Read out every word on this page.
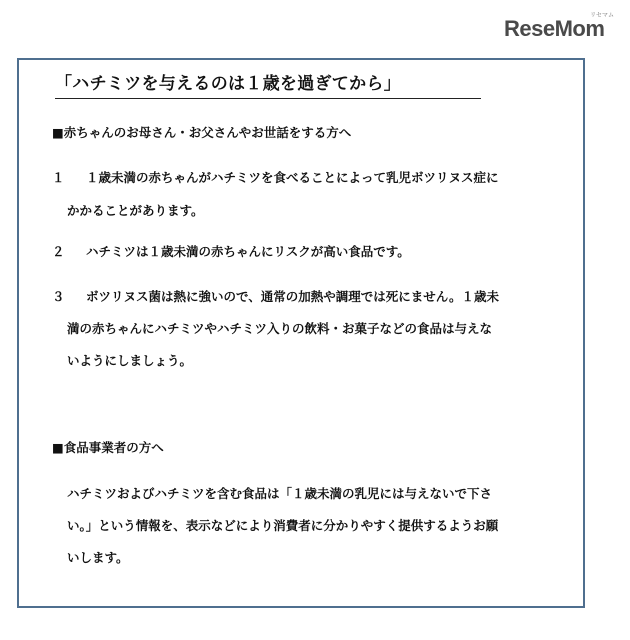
ReseMom
リセマム
「ハチミツを与えるのは１歳を過ぎてから」
■赤ちゃんのお母さん・お父さんやお世話をする方へ
１ １歳未満の赤ちゃんがハチミツを食べることによって乳児ボツリヌス症に
かかることがあります。
２ ハチミツは１歳未満の赤ちゃんにリスクが高い食品です。
３ ボツリヌス菌は熱に強いので、通常の加熱や調理では死にません。１歳未
満の赤ちゃんにハチミツやハチミツ入りの飲料・お菓子などの食品は与えな
いようにしましょう。
■食品事業者の方へ
ハチミツおよびハチミツを含む食品は「１歳未満の乳児には与えないで下さ
い。」という情報を、表示などにより消費者に分かりやすく提供するようお願
いします。
